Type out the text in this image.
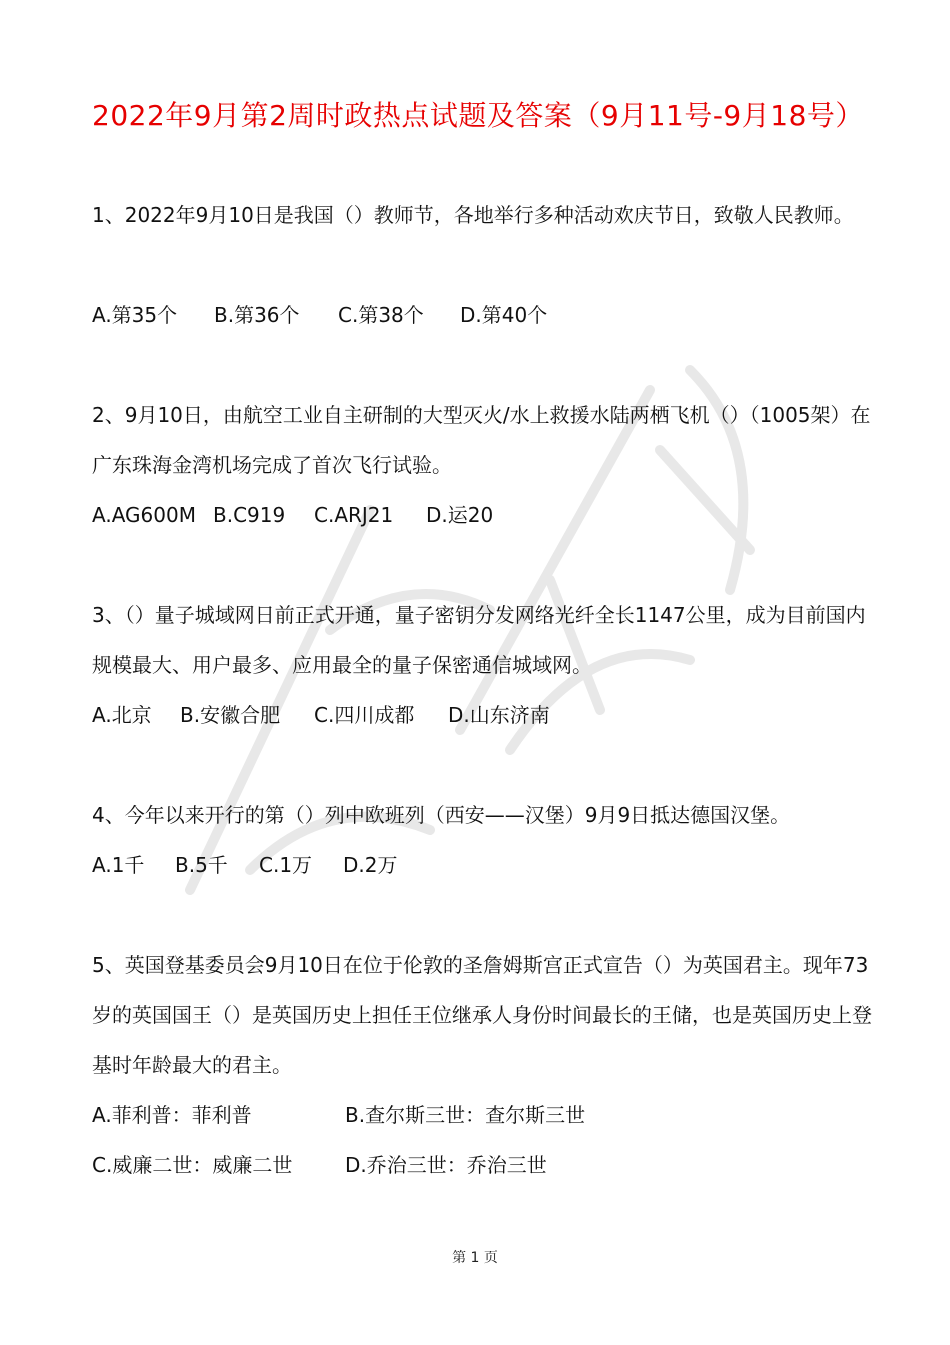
2022年9月第2周时政热点试题及答案（9月11号-9月18号）
1、2022年9月10日是我国（）教师节，各地举行多种活动欢庆节日，致敬人民教师。
A.第35个 B.第36个 C.第38个 D.第40个
2、9月10日，由航空工业自主研制的大型灭火/水上救援水陆两栖飞机（）（1005架）在广东珠海金湾机场完成了首次飞行试验。
A.AG600M B.C919 C.ARJ21 D.运20
3、（）量子城域网日前正式开通，量子密钥分发网络光纤全长1147公里，成为目前国内规模最大、用户最多、应用最全的量子保密通信城域网。
A.北京 B.安徽合肥 C.四川成都 D.山东济南
4、今年以来开行的第（）列中欧班列（西安——汉堡）9月9日抵达德国汉堡。
A.1千 B.5千 C.1万 D.2万
5、英国登基委员会9月10日在位于伦敦的圣詹姆斯宫正式宣告（）为英国君主。现年73岁的英国国王（）是英国历史上担任王位继承人身份时间最长的王储，也是英国历史上登基时年龄最大的君主。
A.菲利普：菲利普	B.查尔斯三世：查尔斯三世
C.威廉二世：威廉二世	D.乔治三世：乔治三世
第 1 页
